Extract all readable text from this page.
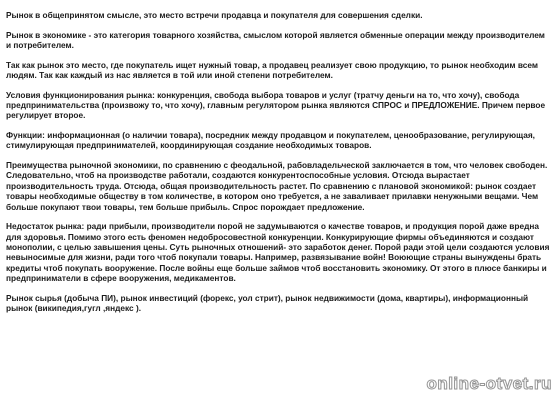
Рынок в общепринятом смысле, это место встречи продавца и покупателя для совершения сделки.

Рынок в экономике - это категория товарного хозяйства, смыслом которой является обменные операции между производителем и потребителем.

Так как рынок это место, где покупатель ищет нужный товар, а продавец реализует свою продукцию, то рынок необходим всем людям. Так как каждый из нас является в той или иной степени потребителем.

Условия функционирования рынка: конкуренция, свобода выбора товаров и услуг (тратчу деньги на то, что хочу), свобода предпринимательства (произвожу то, что хочу), главным регулятором рынка являются СПРОС и ПРЕДЛОЖЕНИЕ. Причем первое регулирует второе.

Функции: информационная (о наличии товара), посредник между продавцом и покупателем, ценообразование, регулирующая, стимулирующая предпринимателей, координирующая создание необходимых товаров.

Преимущества рыночной экономики, по сравнению с феодальной, рабовладельческой заключается в том, что человек свободен. Следовательно, чтоб на производстве работали, создаются конкурентоспособные условия. Отсюда вырастает производительность труда. Отсюда, общая производительность растет. По сравнению с плановой экономикой: рынок создает товары необходимые обществу в том количестве, в котором оно требуется, а не заваливает прилавки ненужными вещами. Чем больше покупают твои товары, тем больше прибыль. Спрос порождает предложение.

Недостаток рынка: ради прибыли, производители порой не задумываются о качестве товаров, и продукция порой даже вредна для здоровья. Помимо этого есть феномен недобросовестной конкуренции. Конкурирующие фирмы объединяются и создают монополии, с целью завышения цены. Суть рыночных отношений- это заработок денег. Порой ради этой цели создаются условия невыносимые для жизни, ради того чтоб покупали товары. Например, развязывание войн! Воюющие страны вынуждены брать кредиты чтоб покупать вооружение. После войны еще больше займов чтоб восстановить экономику. От этого в плюсе банкиры и предприниматели в сфере вооружения, медикаментов.

Рынок сырья (добыча ПИ), рынок инвестиций (форекс, уол стрит), рынок недвижимости (дома, квартиры), информационный рынок (википедия,гугл ,яндекс ).

online-otvet.ru
